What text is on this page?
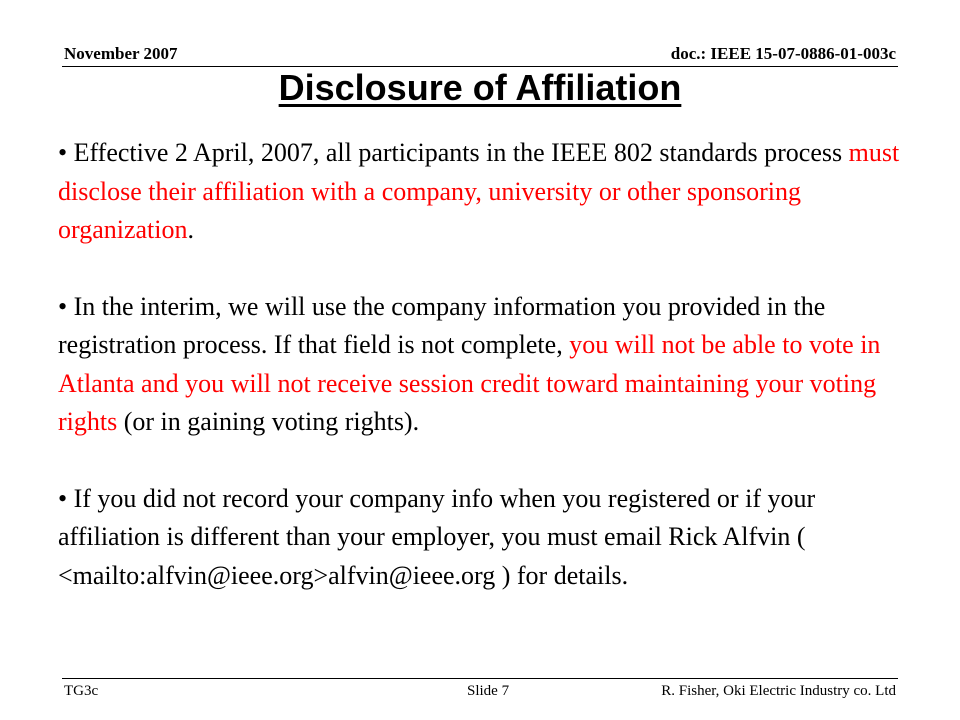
November 2007	doc.: IEEE 15-07-0886-01-003c
Disclosure of Affiliation

• Effective 2 April, 2007, all participants in the IEEE 802 standards process must disclose their affiliation with a company, university or other sponsoring organization.

• In the interim, we will use the company information you provided in the registration process. If that field is not complete, you will not be able to vote in Atlanta and you will not receive session credit toward maintaining your voting rights (or in gaining voting rights).

• If you did not record your company info when you registered or if your affiliation is different than your employer, you must email Rick Alfvin ( <mailto:alfvin@ieee.org>alfvin@ieee.org ) for details.

TG3c	Slide 7	R. Fisher, Oki Electric Industry co. Ltd
